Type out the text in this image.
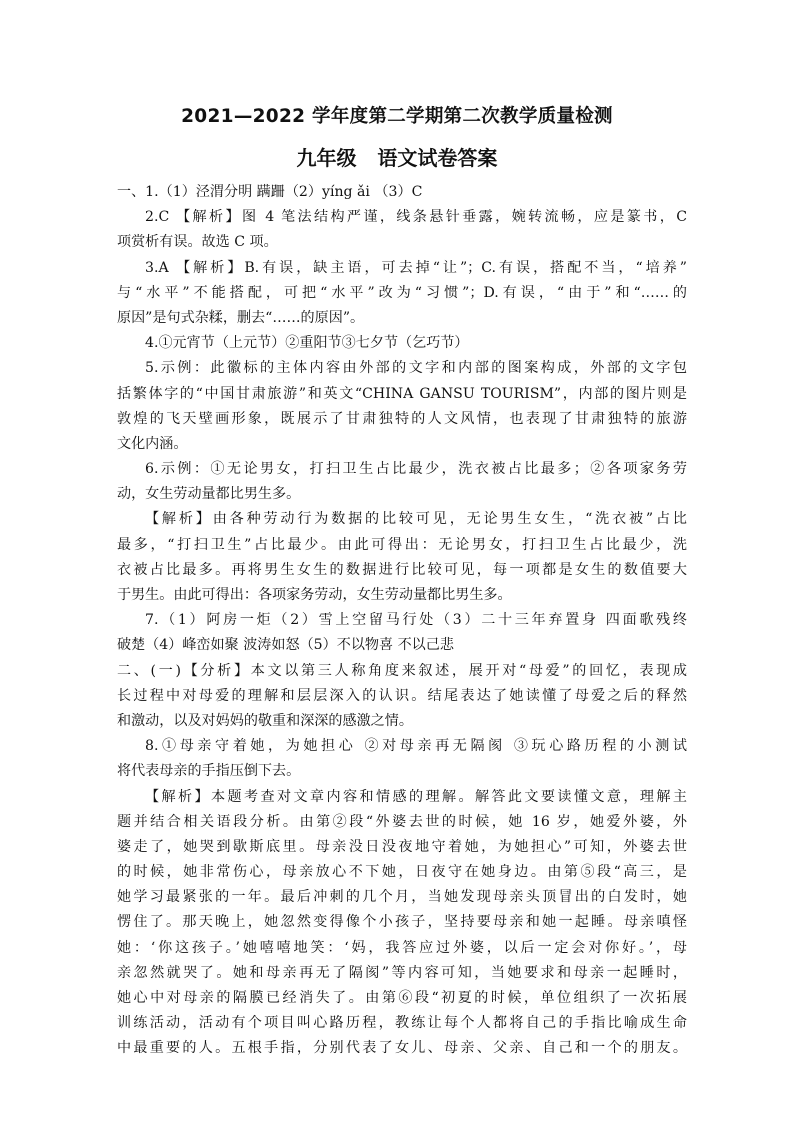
2021—2022 学年度第二学期第二次教学质量检测
九年级   语文试卷答案
一、1.（1）泾渭分明 蹒跚（2）yíng ǎi （3）C
2.C 【解析】图 4 笔法结构严谨，线条悬针垂露，婉转流畅，应是篆书，C
项赏析有误。故选 C 项。
3.A 【解析】B.有误，缺主语，可去掉“让”；C.有误，搭配不当，“培养”
与“水平”不能搭配，可把“水平”改为“习惯”；D.有误，“由于”和“……的
原因”是句式杂糅，删去“……的原因”。
4.①元宵节（上元节）②重阳节③七夕节（乞巧节）
5.示例：此徽标的主体内容由外部的文字和内部的图案构成，外部的文字包
括繁体字的“中国甘肃旅游”和英文“CHINA GANSU TOURISM”，内部的图片则是
敦煌的飞天壁画形象，既展示了甘肃独特的人文风情，也表现了甘肃独特的旅游
文化内涵。
6.示例：①无论男女，打扫卫生占比最少，洗衣被占比最多；②各项家务劳
动，女生劳动量都比男生多。
【解析】由各种劳动行为数据的比较可见，无论男生女生，“洗衣被”占比
最多，“打扫卫生”占比最少。由此可得出：无论男女，打扫卫生占比最少，洗
衣被占比最多。再将男生女生的数据进行比较可见，每一项都是女生的数值要大
于男生。由此可得出：各项家务劳动，女生劳动量都比男生多。
7.（1）阿房一炬（2）雪上空留马行处（3）二十三年弃置身 四面歌残终
破楚（4）峰峦如聚 波涛如怒（5）不以物喜 不以己悲
二、(一)【分析】本文以第三人称角度来叙述，展开对“母爱”的回忆，表现成
长过程中对母爱的理解和层层深入的认识。结尾表达了她读懂了母爱之后的释然
和激动，以及对妈妈的敬重和深深的感激之情。
8.①母亲守着她，为她担心 ②对母亲再无隔阂 ③玩心路历程的小测试
将代表母亲的手指压倒下去。
【解析】本题考查对文章内容和情感的理解。解答此文要读懂文意，理解主
题并结合相关语段分析。由第②段“外婆去世的时候，她 16 岁，她爱外婆，外
婆走了，她哭到歇斯底里。母亲没日没夜地守着她，为她担心”可知，外婆去世
的时候，她非常伤心，母亲放心不下她，日夜守在她身边。由第⑤段“高三，是
她学习最紧张的一年。最后冲刺的几个月，当她发现母亲头顶冒出的白发时，她
愣住了。那天晚上，她忽然变得像个小孩子，坚持要母亲和她一起睡。母亲嗔怪
她：‘你这孩子。’她嘻嘻地笑：‘妈，我答应过外婆，以后一定会对你好。’，母
亲忽然就哭了。她和母亲再无了隔阂”等内容可知，当她要求和母亲一起睡时，
她心中对母亲的隔膜已经消失了。由第⑥段“初夏的时候，单位组织了一次拓展
训练活动，活动有个项目叫心路历程，教练让每个人都将自己的手指比喻成生命
中最重要的人。五根手指，分别代表了女儿、母亲、父亲、自己和一个的朋友。
